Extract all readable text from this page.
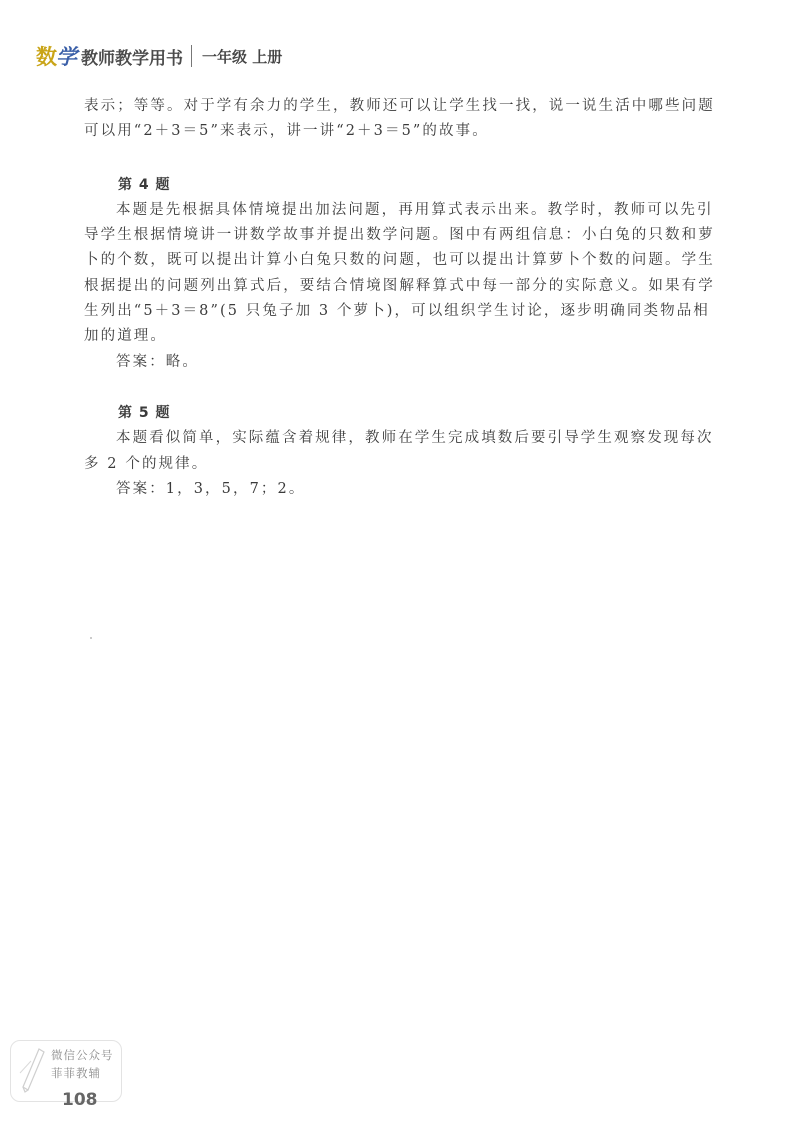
数 学 教师教学用书 一年级 上册

表示；等等。对于学有余力的学生，教师还可以让学生找一找，说一说生活中哪些问题

可以用“2＋3＝5”来表示，讲一讲“2＋3＝5”的故事。

第 4 题

本题是先根据具体情境提出加法问题，再用算式表示出来。教学时，教师可以先引导学生根据情境讲一讲数学故事并提出数学问题。图中有两组信息：小白兔的只数和萝卜的个数，既可以提出计算小白兔只数的问题，也可以提出计算萝卜个数的问题。学生根据提出的问题列出算式后，要结合情境图解释算式中每一部分的实际意义。如果有学生列出“5＋3＝8”(5 只兔子加 3 个萝卜)，可以组织学生讨论，逐步明确同类物品相加的道理。

答案：略。

第 5 题

本题看似简单，实际蕴含着规律，教师在学生完成填数后要引导学生观察发现每次多 2 个的规律。

答案：1，3，5，7；2。

微信公众号
菲菲教辅
108
